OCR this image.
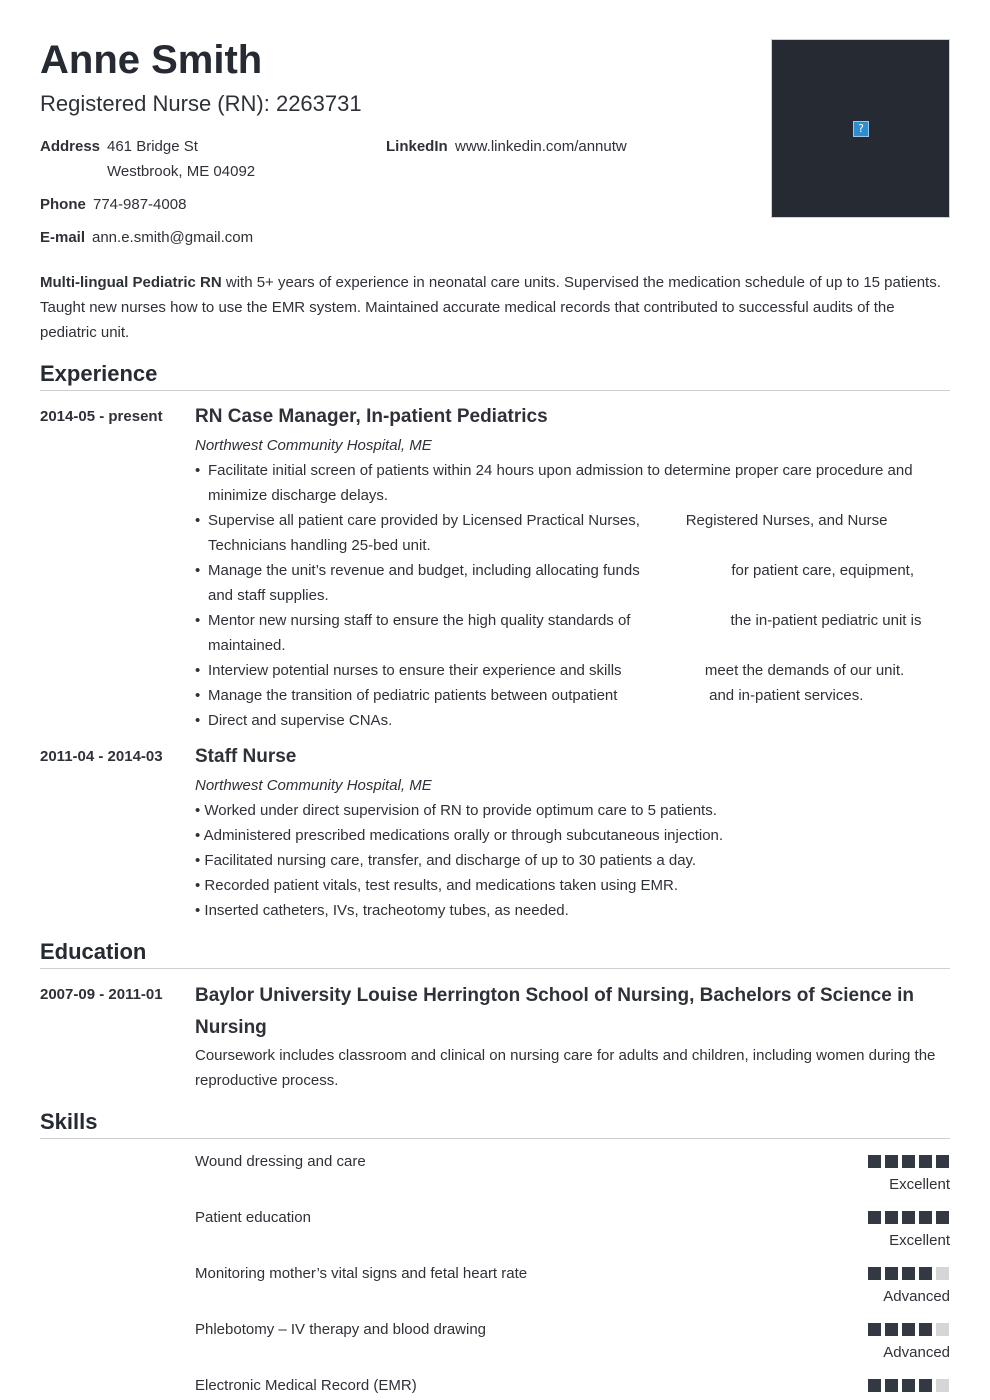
Anne Smith
Registered Nurse (RN): 2263731
?
Address 461 Bridge St
Westbrook, ME 04092
LinkedIn www.linkedin.com/annutw
Phone 774-987-4008
E-mail ann.e.smith@gmail.com
Multi-lingual Pediatric RN with 5+ years of experience in neonatal care units. Supervised the medication schedule of up to 15 patients. Taught new nurses how to use the EMR system. Maintained accurate medical records that contributed to successful audits of the pediatric unit.
Experience
2014-05 - present RN Case Manager, In-patient Pediatrics
Northwest Community Hospital, ME
• Facilitate initial screen of patients within 24 hours upon admission to determine proper care procedure and minimize discharge delays.
• Supervise all patient care provided by Licensed Practical Nurses,           Registered Nurses, and Nurse Technicians handling 25-bed unit.
• Manage the unit’s revenue and budget, including allocating funds                      for patient care, equipment, and staff supplies.
• Mentor new nursing staff to ensure the high quality standards of                        the in-patient pediatric unit is maintained.
• Interview potential nurses to ensure their experience and skills                    meet the demands of our unit.
• Manage the transition of pediatric patients between outpatient                      and in-patient services.
• Direct and supervise CNAs.
2011-04 - 2014-03 Staff Nurse
Northwest Community Hospital, ME
• Worked under direct supervision of RN to provide optimum care to 5 patients.
• Administered prescribed medications orally or through subcutaneous injection.
• Facilitated nursing care, transfer, and discharge of up to 30 patients a day.
• Recorded patient vitals, test results, and medications taken using EMR.
• Inserted catheters, IVs, tracheotomy tubes, as needed.
Education
2007-09 - 2011-01 Baylor University Louise Herrington School of Nursing, Bachelors of Science in Nursing
Coursework includes classroom and clinical on nursing care for adults and children, including women during the reproductive process.
Skills
Wound dressing and care
Excellent
Patient education
Excellent
Monitoring mother’s vital signs and fetal heart rate
Advanced
Phlebotomy – IV therapy and blood drawing
Advanced
Electronic Medical Record (EMR)
